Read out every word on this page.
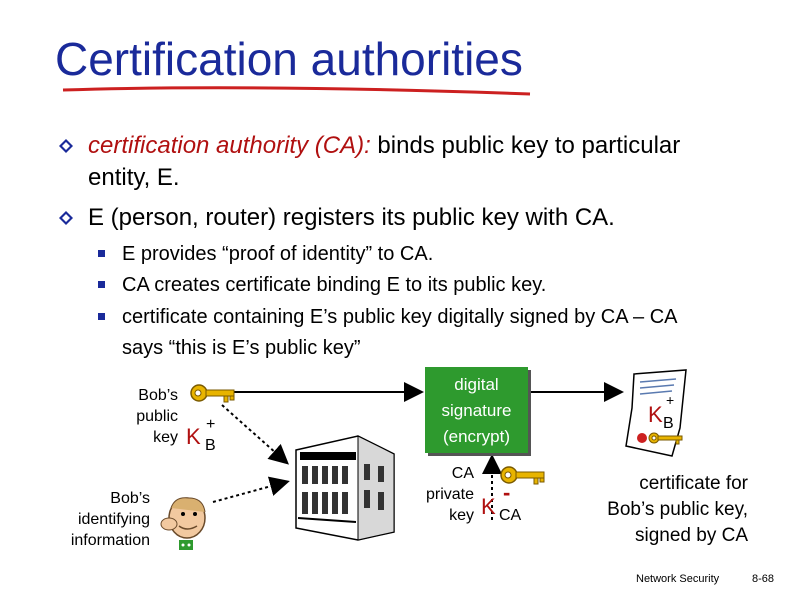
Certification authorities
certification authority (CA): binds public key to particular entity, E.
E (person, router) registers its public key with CA.
E provides “proof of identity” to CA.
CA creates certificate binding E to its public key.
certificate containing E’s public key digitally signed by CA – CA says “this is E’s public key”
Bob’s
public
key K +
B
Bob’s
identifying
information
digital
signature
(encrypt)
CA
private
key K
-
CA
K
+
B
certificate for
Bob’s public key,
signed by CA
Network Security	8-68
